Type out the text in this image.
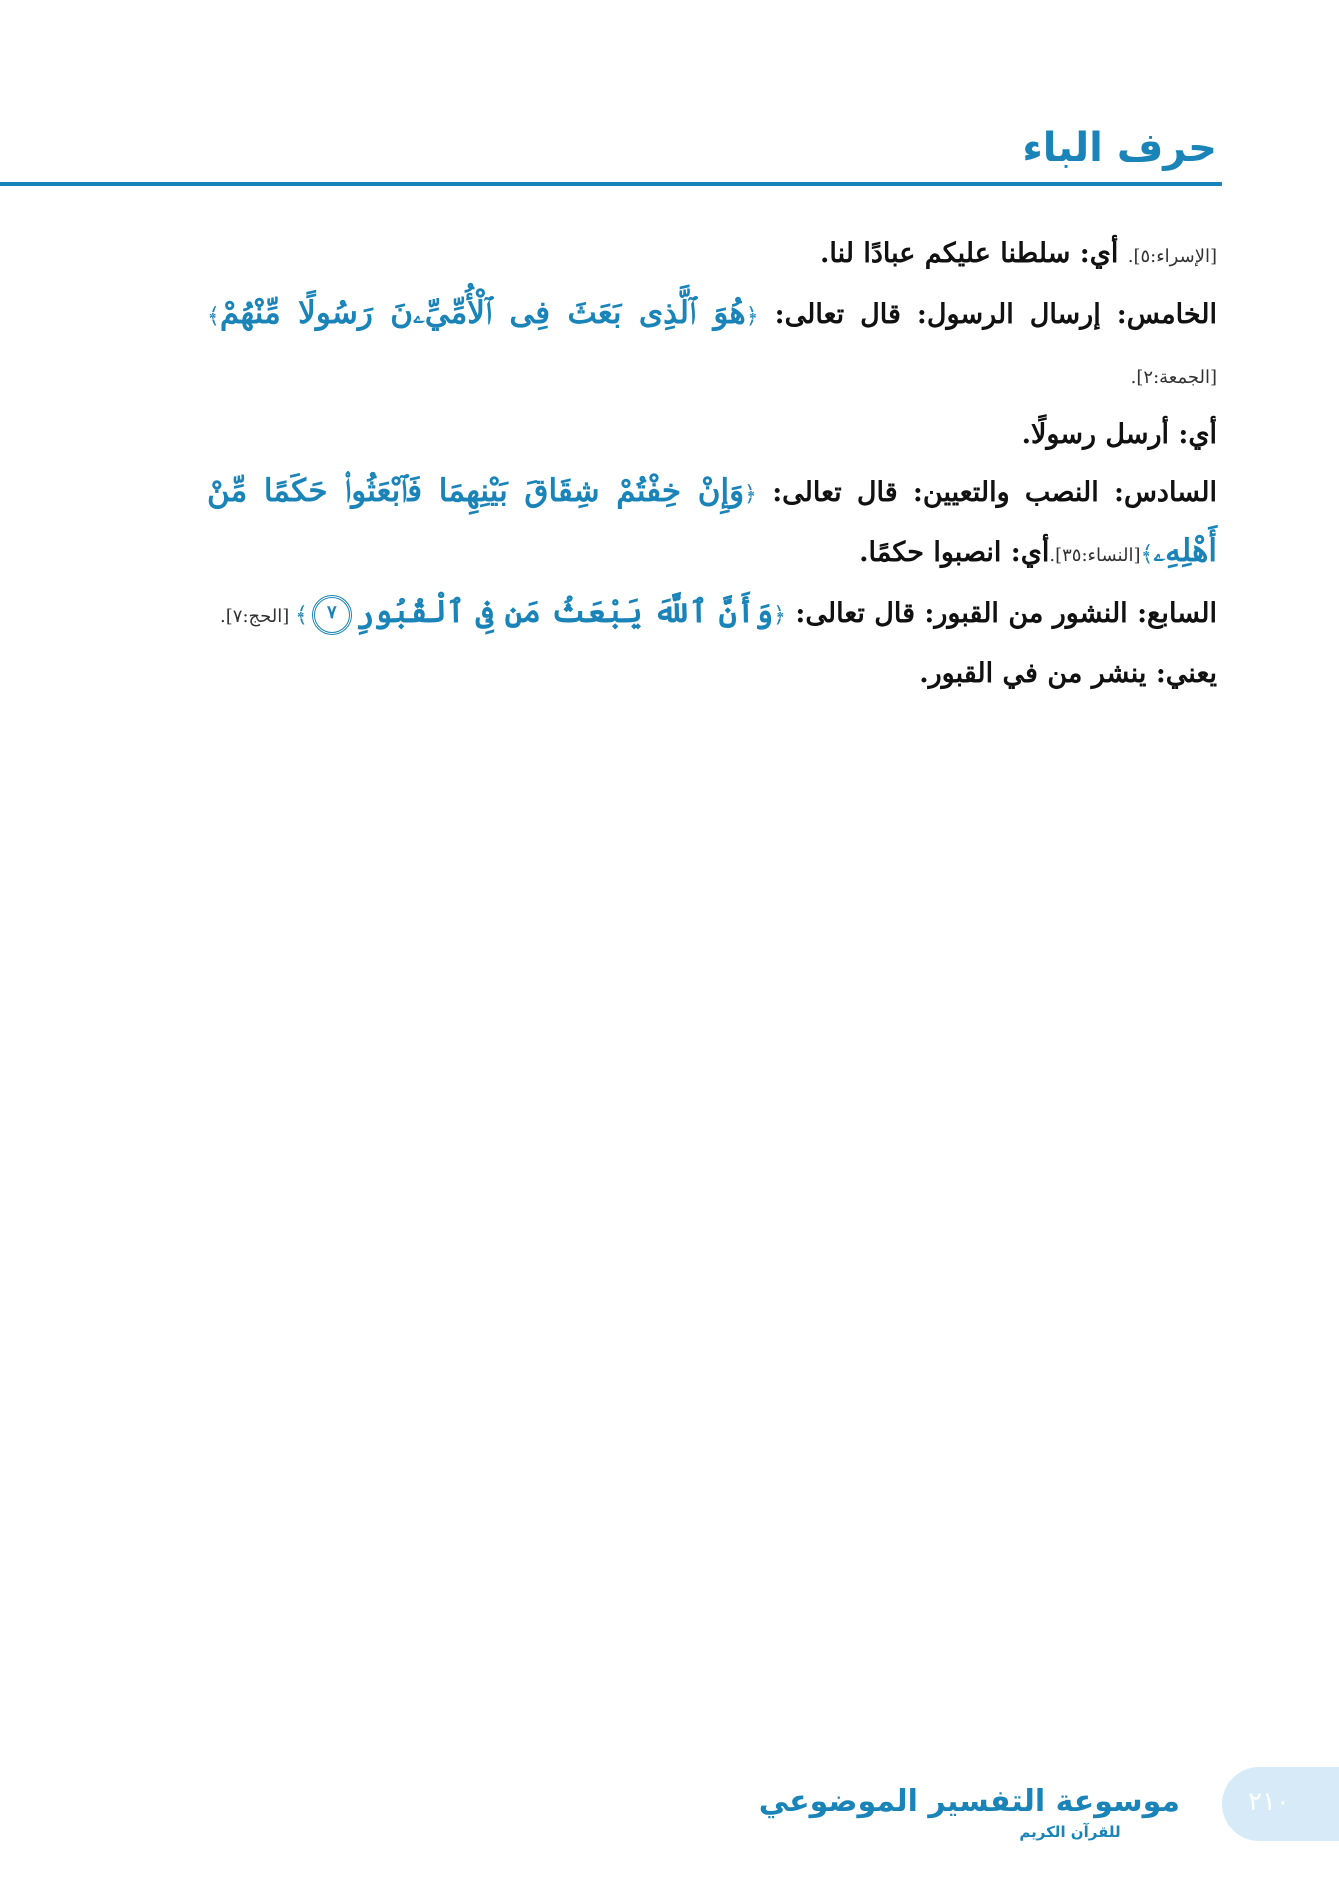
حرف الباء

[الإسراء:٥]. أي: سلطنا عليكم عبادًا لنا.

الخامس: إرسال الرسول: قال تعالى: ﴿هُوَ ٱلَّذِى بَعَثَ فِى ٱلْأُمِّيِّۦنَ رَسُولًا مِّنْهُمْ﴾ [الجمعة:٢].

أي: أرسل رسولًا.

السادس: النصب والتعيين: قال تعالى: ﴿وَإِنْ خِفْتُمْ شِقَاقَ بَيْنِهِمَا فَٱبْعَثُوا۟ حَكَمًا مِّنْ أَهْلِهِۦ﴾[النساء:٣٥].أي: انصبوا حكمًا.

السابع: النشور من القبور: قال تعالى: ﴿وَأَنَّ ٱللَّهَ يَبْعَثُ مَن فِى ٱلْقُبُورِ٧﴾ [الحج:٧].

يعني: ينشر من في القبور.

موسوعة التفسير الموضوعي
للقرآن الكريم
٢١٠
